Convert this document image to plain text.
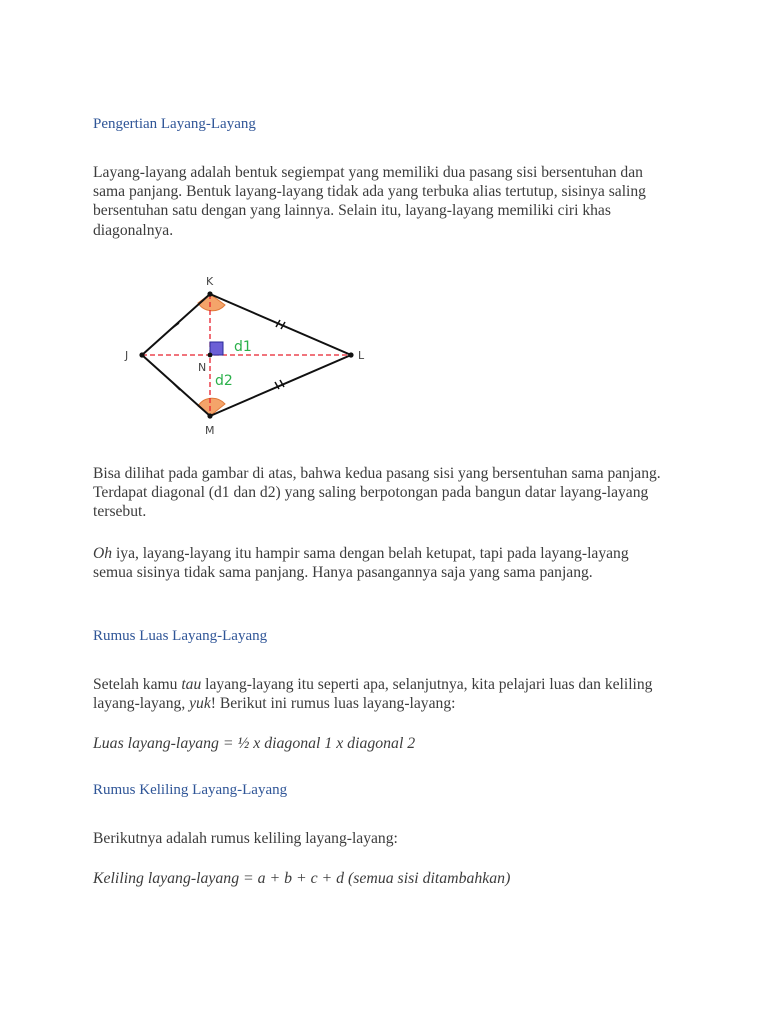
Pengertian Layang-Layang
Layang-layang adalah bentuk segiempat yang memiliki dua pasang sisi bersentuhan dan sama panjang. Bentuk layang-layang tidak ada yang terbuka alias tertutup, sisinya saling bersentuhan satu dengan yang lainnya. Selain itu, layang-layang memiliki ciri khas diagonalnya.
K
J	L
M
N
d1
d2
Bisa dilihat pada gambar di atas, bahwa kedua pasang sisi yang bersentuhan sama panjang. Terdapat diagonal (d1 dan d2) yang saling berpotongan pada bangun datar layang-layang tersebut.
Oh iya, layang-layang itu hampir sama dengan belah ketupat, tapi pada layang-layang semua sisinya tidak sama panjang. Hanya pasangannya saja yang sama panjang.
Rumus Luas Layang-Layang
Setelah kamu tau layang-layang itu seperti apa, selanjutnya, kita pelajari luas dan keliling layang-layang, yuk! Berikut ini rumus luas layang-layang:
Luas layang-layang = ½ x diagonal 1 x diagonal 2
Rumus Keliling Layang-Layang
Berikutnya adalah rumus keliling layang-layang:
Keliling layang-layang = a + b + c + d (semua sisi ditambahkan)
